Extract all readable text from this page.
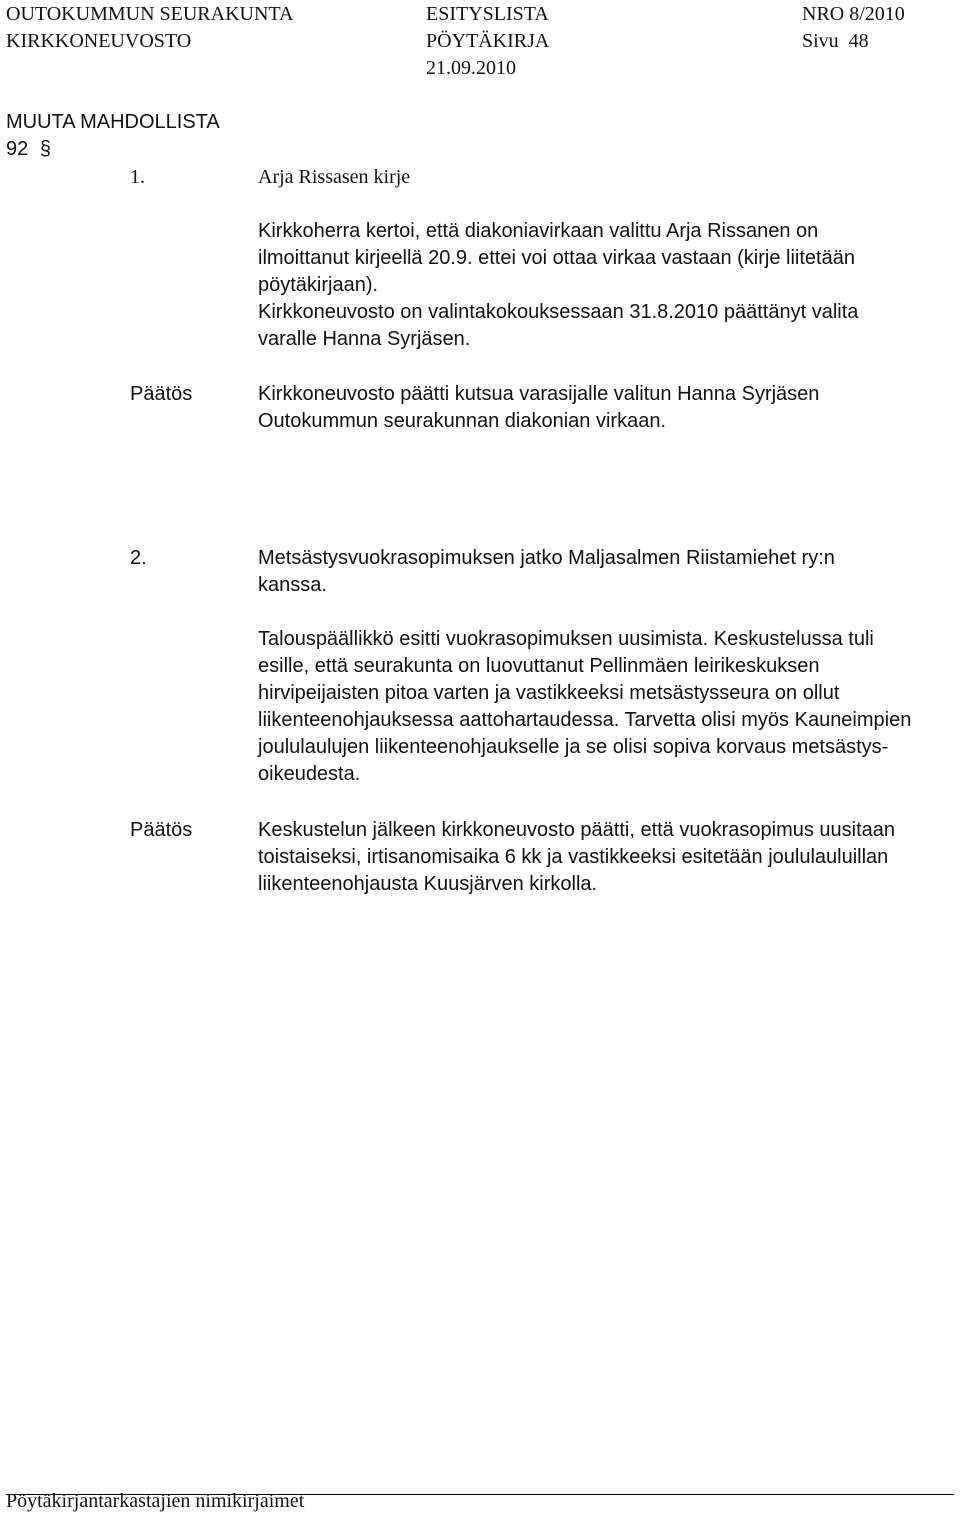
OUTOKUMMUN SEURAKUNTA
KIRKKONEUVOSTO
ESITYSLISTA
PÖYTÄKIRJA
21.09.2010
NRO 8/2010
Sivu  48
MUUTA MAHDOLLISTA
92 §
1.	Arja Rissasen kirje
Kirkkoherra kertoi, että diakoniavirkaan valittu Arja Rissanen on
ilmoittanut kirjeellä 20.9. ettei voi ottaa virkaa vastaan (kirje liitetään
pöytäkirjaan).
Kirkkoneuvosto on valintakokouksessaan 31.8.2010 päättänyt valita
varalle Hanna Syrjäsen.
Päätös	Kirkkoneuvosto päätti kutsua varasijalle valitun Hanna Syrjäsen
Outokummun seurakunnan diakonian virkaan.
2.	Metsästysvuokrasopimuksen jatko Maljasalmen Riistamiehet ry:n
kanssa.
Talouspäällikkö esitti vuokrasopimuksen uusimista. Keskustelussa tuli
esille, että seurakunta on luovuttanut Pellinmäen leirikeskuksen
hirvipeijaisten pitoa varten ja vastikkeeksi metsästysseura on ollut
liikenteenohjauksessa aattohartaudessa. Tarvetta olisi myös Kauneimpien
joululaulujen liikenteenohjaukselle ja se olisi sopiva korvaus metsästys-
oikeudesta.
Päätös	Keskustelun jälkeen kirkkoneuvosto päätti, että vuokrasopimus uusitaan
toistaiseksi, irtisanomisaika 6 kk ja vastikkeeksi esitetään joululauluillan
liikenteenohjausta Kuusjärven kirkolla.
Pöytäkirjantarkastajien nimikirjaimet
